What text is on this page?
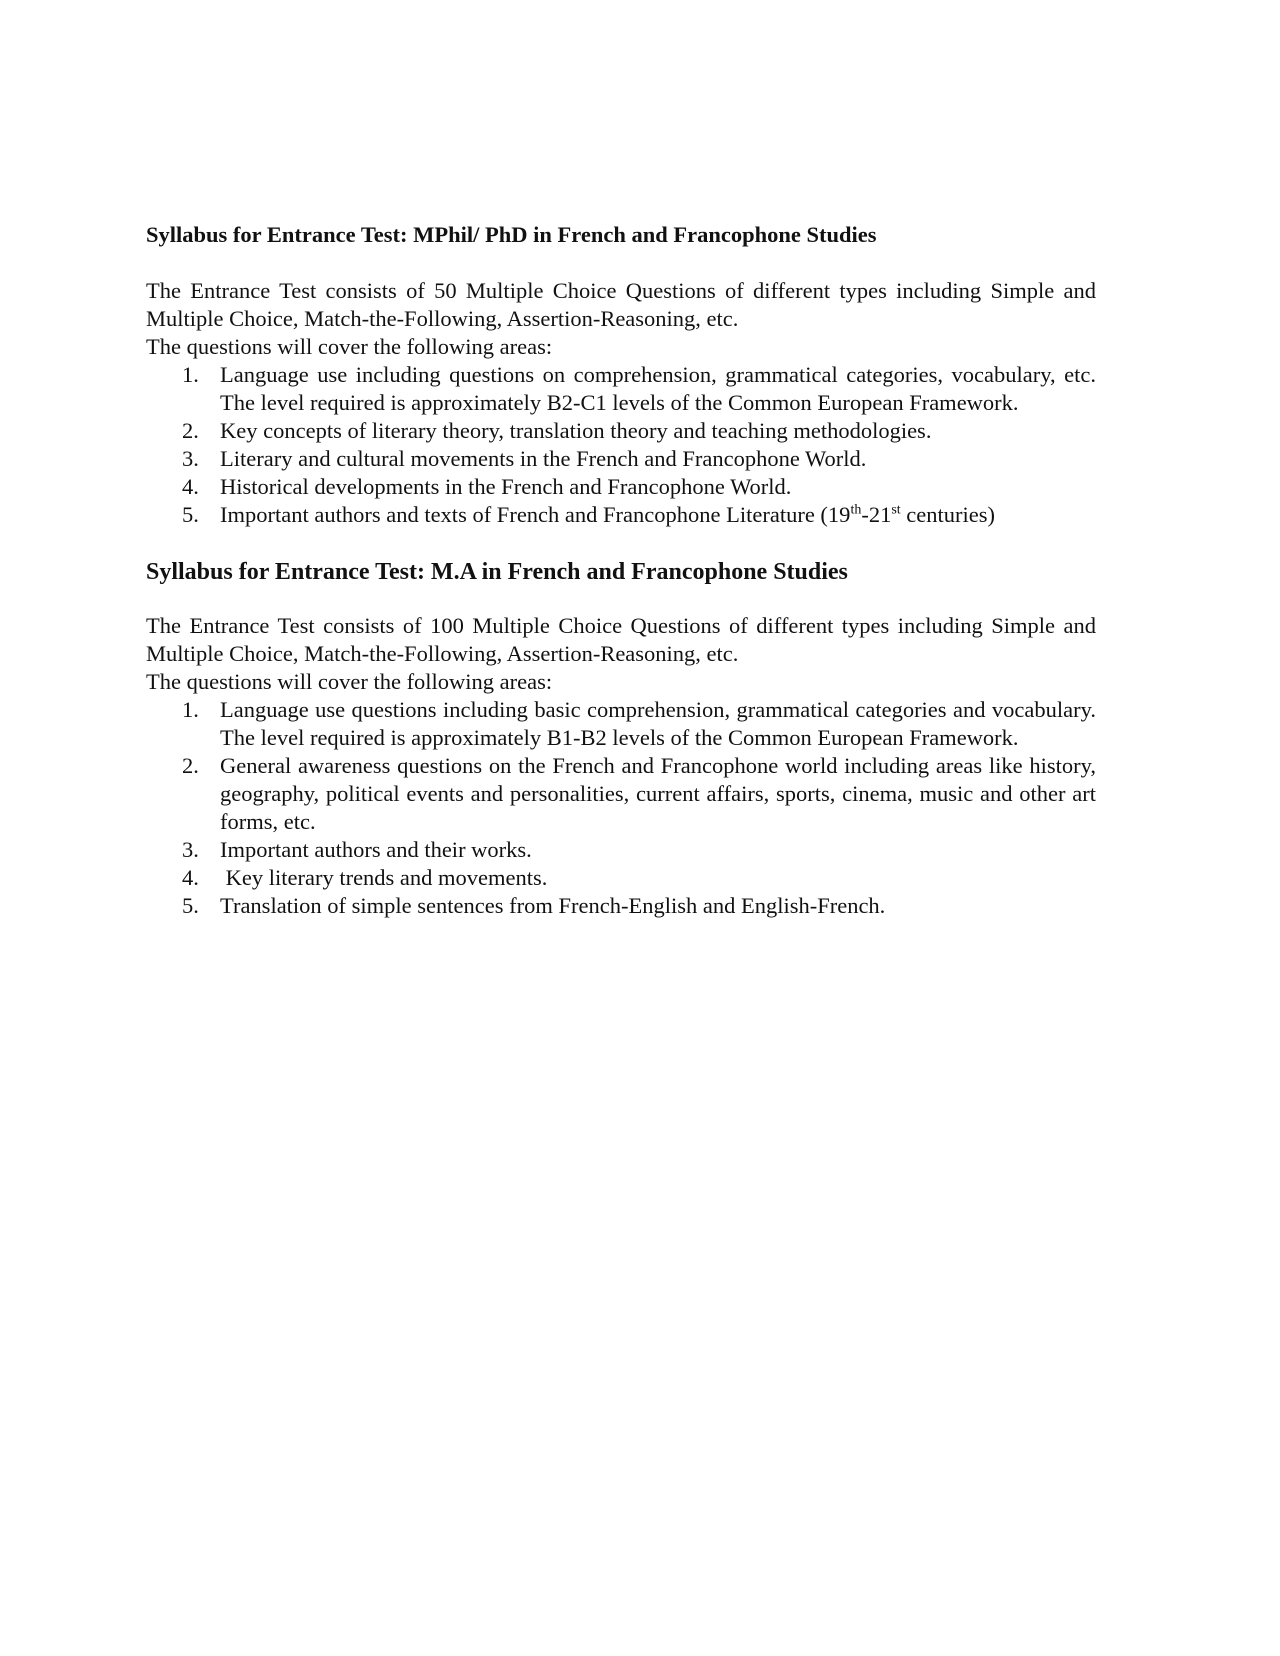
Syllabus for Entrance Test: MPhil/ PhD in French and Francophone Studies

The Entrance Test consists of 50 Multiple Choice Questions of different types including Simple and Multiple Choice, Match-the-Following, Assertion-Reasoning, etc.

The questions will cover the following areas:

1. Language use including questions on comprehension, grammatical categories, vocabulary, etc. The level required is approximately B2-C1 levels of the Common European Framework.
2. Key concepts of literary theory, translation theory and teaching methodologies.
3. Literary and cultural movements in the French and Francophone World.
4. Historical developments in the French and Francophone World.
5. Important authors and texts of French and Francophone Literature (19th-21st centuries)
Syllabus for Entrance Test: M.A in French and Francophone Studies

The Entrance Test consists of 100 Multiple Choice Questions of different types including Simple and Multiple Choice, Match-the-Following, Assertion-Reasoning, etc.

The questions will cover the following areas:

1. Language use questions including basic comprehension, grammatical categories and vocabulary. The level required is approximately B1-B2 levels of the Common European Framework.
2. General awareness questions on the French and Francophone world including areas like history, geography, political events and personalities, current affairs, sports, cinema, music and other art forms, etc.
3. Important authors and their works.
4. Key literary trends and movements.
5. Translation of simple sentences from French-English and English-French.
